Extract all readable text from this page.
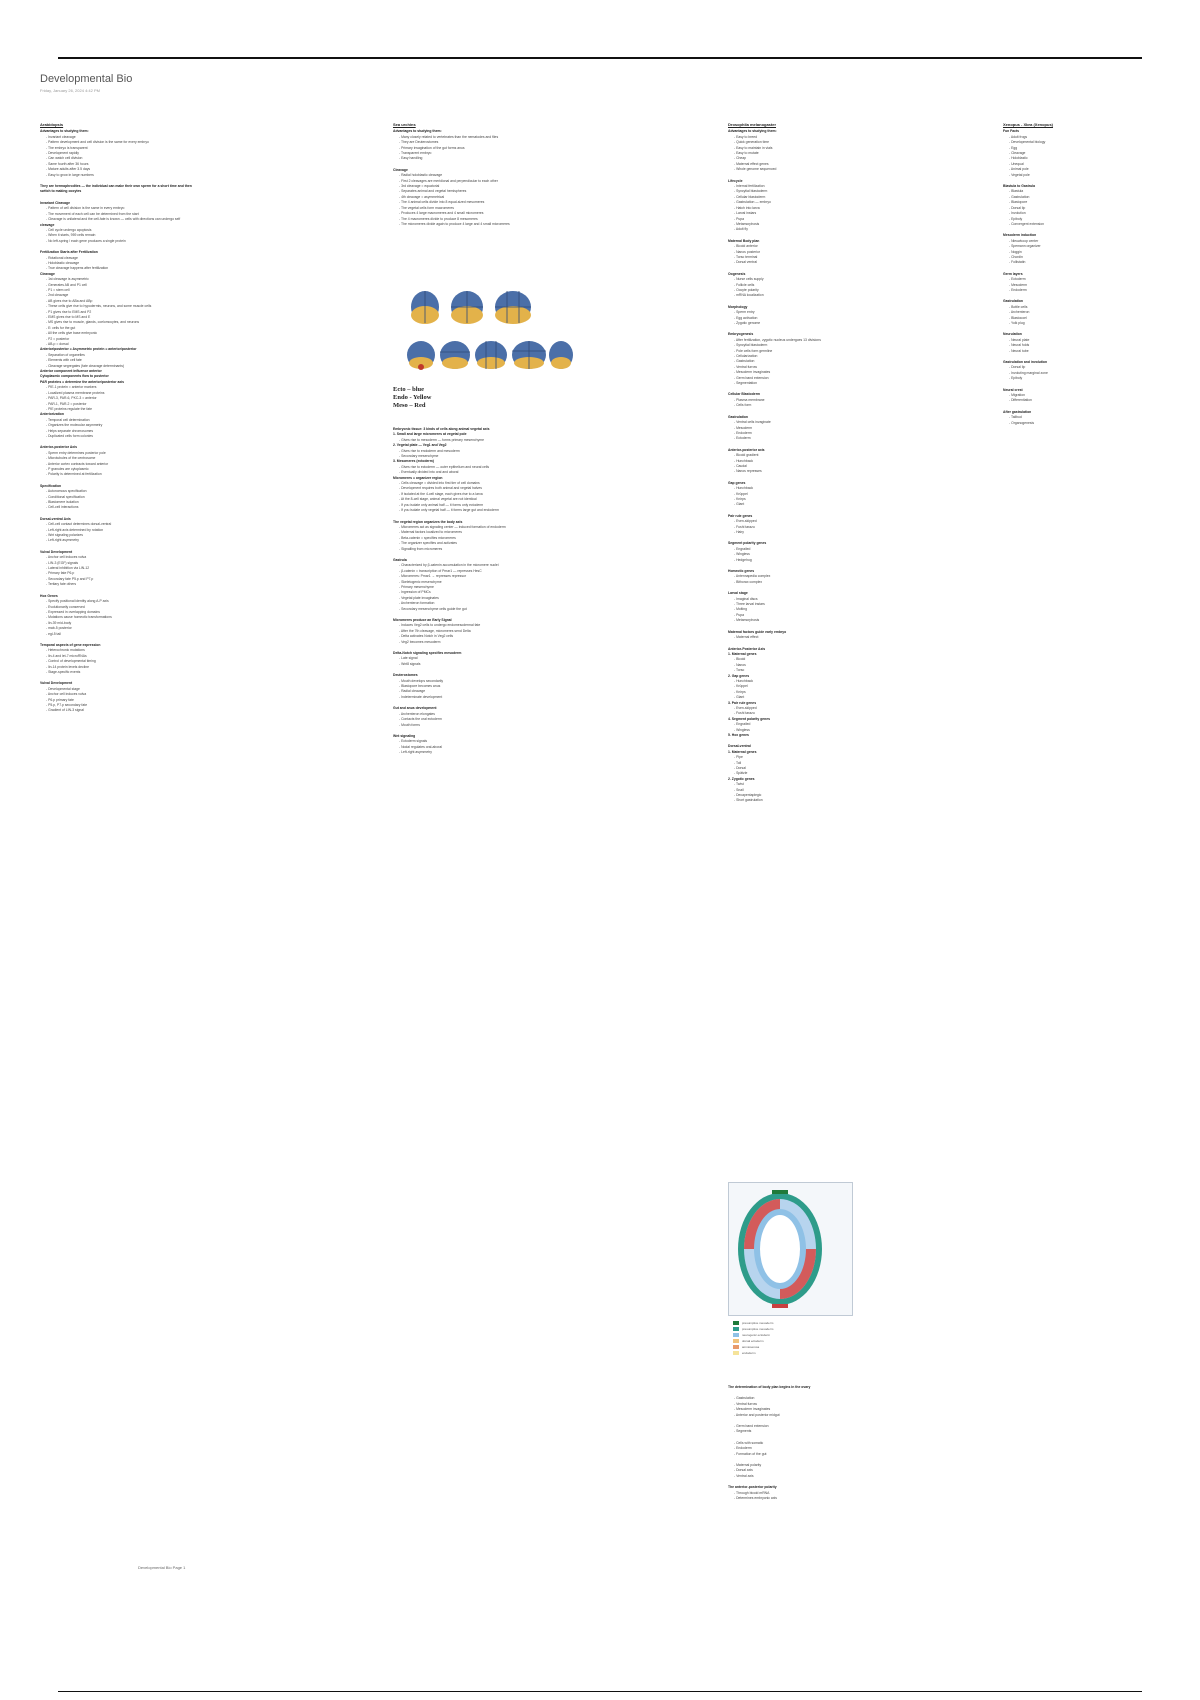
Developmental Bio
Friday, January 26, 2024 4:42 PM
Arabidopsis
Advantages to studying them:
- Invariant cleavage
- Pattern development and cell division is the same for every embryo
- The embryo is transparent
- Development rapidly
- Can watch cell division
- Same fourth after 36 hours
- Mature adults after 3.5 days
- Easy to grow in large numbers
They are hermaphrodites — the individual can make their own sperm for a short time and then
switch to making oocytes
Invariant Cleavage
- Pattern of cell division is the same in every embryo
- The movement of each cell can be determined from the start
- Cleavage is unilateral and the cell-fate is known — cells with directions can undergo self
cleavage
- Cell cycle undergo apoptosis
- When it starts, 959 cells remain
- No left-spring / each gene produces a single protein
Fertilization Starts after Fertilization
- Rotational cleavage
- Holoblastic cleavage
- True cleavage happens after fertilization
Cleavage
- 1st cleavage is asymmetric
- Generates AB and P1 cell
- P1 = stem cell
- 2nd cleavage
- AB gives rise to ABa and ABp
- These cells give rise to hypodermis, neurons, and some muscle cells
- P1 gives rise to EMS and P2
- EMS gives rise to MS and E
- MS gives rise to muscle, glands, coelomocytes, and neurons
- E: cells for the gut
- All the cells give base embryonic
- P2 = posterior
- AB-p = dorsal
Anterior/posterior = Asymmetric protein = anterior/posterior
- Separation of organelles
- Elements with cell fate
- Cleavage segregates (fate cleavage determinants)
Anterior component influence anterior
Cytoplasmic components flow to posterior
PAR proteins = determine the anterior/posterior axis
- PIE-1 protein = anterior markers
- Localized plasma membrane proteins
- PAR-3, PAR-6, PKC-3 = anterior
- PAR-1, PAR-2 = posterior
- PIE proteins regulate the fate
Anteriorization
- Temporal cell determination
- Organizes the molecular asymmetry
- Helps separate chromosomes
- Duplicated cells form colonies
Anterior-posterior Axis
- Sperm entry determines posterior pole
- Microtubules of the centrosome
- Anterior cortex contracts toward anterior
- P granules are cytoplasmic
- Polarity is determined at fertilization
Specification
- Autonomous specification
- Conditional specification
- Blastomere isolation
- Cell-cell interactions
Dorsal-ventral Axis
- Cell-cell contact determines dorsal-ventral
- Left-right axis determined by rotation
- Wnt signaling polarizes
- Left-right asymmetry
Vulval Development
- Anchor cell induces vulva
- LIN-3 (EGF) signals
- Lateral inhibition via LIN-12
- Primary fate P6.p
- Secondary fate P5.p and P7.p
- Tertiary fate others
Hox Genes
- Specify positional identity along A-P axis
- Evolutionarily conserved
- Expressed in overlapping domains
- Mutations cause homeotic transformations
- lin-39 mid-body
- mab-5 posterior
- egl-5 tail
Temporal aspects of gene expression
- Heterochronic mutations
- lin-4 and let-7 microRNAs
- Control of developmental timing
- lin-14 protein levels decline
- Stage-specific events
Vulval Development
- Developmental stage
- Anchor cell induces vulva
- P6.p primary fate
- P5.p, P7.p secondary fate
- Gradient of LIN-3 signal
Sea urchins
Advantages to studying them:
- Many closely related to vertebrates than the nematodes and flies
- They are Deuterostomes
- Primary invagination of the gut forms anus
- Transparent embryo
- Easy handling
Cleavage
- Radial holoblastic cleavage
- First 2 cleavages are meridional and perpendicular to each other
- 3rd cleavage = equatorial
- Separates animal and vegetal hemispheres
- 4th cleavage = asymmetrical
- The 4 animal cells divide into 8 equal-sized mesomeres
- The vegetal cells form macromeres
- Produces 4 large macromeres and 4 small micromeres
- The 4 macromeres divide to produce 8 mesomeres
- The micromeres divide again to produce 4 large and 4 small micromeres
Ecto – blue
Endo - Yellow
Meso – Red
Embryonic tissue: 3 kinds of cells along animal vegetal axis
1. Small and large micromeres at vegetal pole
- Gives rise to mesoderm — forms primary mesenchyme
2. Vegetal plate — Veg1 and Veg2
- Gives rise to endoderm and mesoderm
- Secondary mesenchyme
3. Mesomeres (ectoderm)
- Gives rise to ectoderm — outer epithelium and neural cells
- Eventually divided into oral and aboral
Micromeres = organizer region
- Cells cleavage = divided into first tier of cell domains
- Development requires both animal and vegetal halves
- If isolated at the 4-cell stage, each gives rise to a larva
- At the 8-cell stage, animal vegetal are not identical
- If you isolate only animal half — it forms only ectoderm
- If you isolate only vegetal half — it forms large gut and endoderm
The vegetal region organizes the body axis
- Micromeres act as signaling center — induced formation of endoderm
- Maternal factors localized to micromeres
- Beta-catenin = specifies micromeres
- The organizer specifies and activates
- Signalling from micromeres
Gastrula
- Characterized by β-catenin accumulation in the micromere nuclei
- β-catenin = transcription of Pmar1 — represses HesC
- Micromeres: Pmar1 → represses repressor
- Skeletogenic mesenchyme
- Primary mesenchyme
- Ingression of PMCs
- Vegetal plate invaginates
- Archenteron formation
- Secondary mesenchyme cells guide the gut
Micromeres produce an Early Signal
- Induces Veg2 cells to undergo endomesodermal fate
- After the 7th cleavage, micromeres send Delta
- Delta activates Notch in Veg2 cells
- Veg2 becomes mesoderm
Delta-Notch signaling specifies mesoderm
- Late signal
- Wnt8 signals
Deuterostomes
- Mouth develops secondarily
- Blastopore becomes anus
- Radial cleavage
- Indeterminate development
Gut and anus development
- Archenteron elongates
- Contacts the oral ectoderm
- Mouth forms
Wnt signaling
- Ectoderm signals
- Nodal regulates oral-aboral
- Left-right asymmetry
Drosophila melanogaster
Advantages to studying them:
- Easy to breed
- Quick generation time
- Easy to maintain in vials
- Easy to mutate
- Cheap
- Maternal effect genes
- Whole genome sequenced
Lifecycle
- Internal fertilization
- Syncytial blastoderm
- Cellular blastoderm
- Gastrulation — embryo
- Hatch into larva
- Larval instars
- Pupa
- Metamorphosis
- Adult fly
Maternal Body plan
- Bicoid anterior
- Nanos posterior
- Torso terminal
- Dorsal ventral
Oogenesis
- Nurse cells supply
- Follicle cells
- Oocyte polarity
- mRNA localization
Morphology
- Sperm entry
- Egg activation
- Zygotic genome
Embryogenesis
- After fertilization, zygotic nucleus undergoes 13 divisions
- Syncytial blastoderm
- Pole cells form germline
- Cellularization
- Gastrulation
- Ventral furrow
- Mesoderm invaginates
- Germ band extension
- Segmentation
Cellular Blastoderm
- Plasma membrane
- Cells form
Gastrulation
- Ventral cells invaginate
- Mesoderm
- Endoderm
- Ectoderm
Anterior-posterior axis
- Bicoid gradient
- Hunchback
- Caudal
- Nanos represses
Gap genes
- Hunchback
- Krüppel
- Knirps
- Giant
Pair rule genes
- Even-skipped
- Fushi tarazu
- Hairy
Segment polarity genes
- Engrailed
- Wingless
- Hedgehog
Homeotic genes
- Antennapedia complex
- Bithorax complex
Larval stage
- Imaginal discs
- Three larval instars
- Molting
- Pupa
- Metamorphosis
Maternal factors guide early embryo
- Maternal effect
Anterior-Posterior Axis
1. Maternal genes
- Bicoid
- Nanos
- Torso
2. Gap genes
- Hunchback
- Krüppel
- Knirps
- Giant
3. Pair rule genes
- Even-skipped
- Fushi tarazu
4. Segment polarity genes
- Engrailed
- Wingless
5. Hox genes
Dorsal-ventral
1. Maternal genes
- Pipe
- Toll
- Dorsal
- Spätzle
2. Zygotic genes
- Twist
- Snail
- Decapentaplegic
- Short gastrulation
presumptive mesoderm
presumptive mesoderm
neurogenic ectoderm
dorsal ectoderm
amnioserosa
endoderm
The determination of body plan begins in the ovary
- Gastrulation
- Ventral furrow
- Mesoderm invaginates
- Anterior and posterior midgut
- Germ band extension
- Segments
- Cells with somatic
- Endoderm
- Formation of the gut
- Maternal polarity
- Dorsal axis
- Ventral axis
The anterior-posterior polarity
- Through bicoid mRNA
- Determines embryonic axis
Xenopus - Xbra (Xenopus)
Fun Facts
- Adult frogs
- Developmental biology
- Egg
- Cleavage
- Holoblastic
- Unequal
- Animal pole
- Vegetal pole
Blastula to Gastrula
- Blastula
- Gastrulation
- Blastopore
- Dorsal lip
- Involution
- Epiboly
- Convergent extension
Mesoderm induction
- Nieuwkoop center
- Spemann organizer
- Noggin
- Chordin
- Follistatin
Germ layers
- Ectoderm
- Mesoderm
- Endoderm
Gastrulation
- Bottle cells
- Archenteron
- Blastocoel
- Yolk plug
Neurulation
- Neural plate
- Neural folds
- Neural tube
Gastrulation and involution
- Dorsal lip
- Involuting marginal zone
- Epiboly
Neural crest
- Migration
- Differentiation
After gastrulation
- Tailbud
- Organogenesis
Developmental Bio Page 1
